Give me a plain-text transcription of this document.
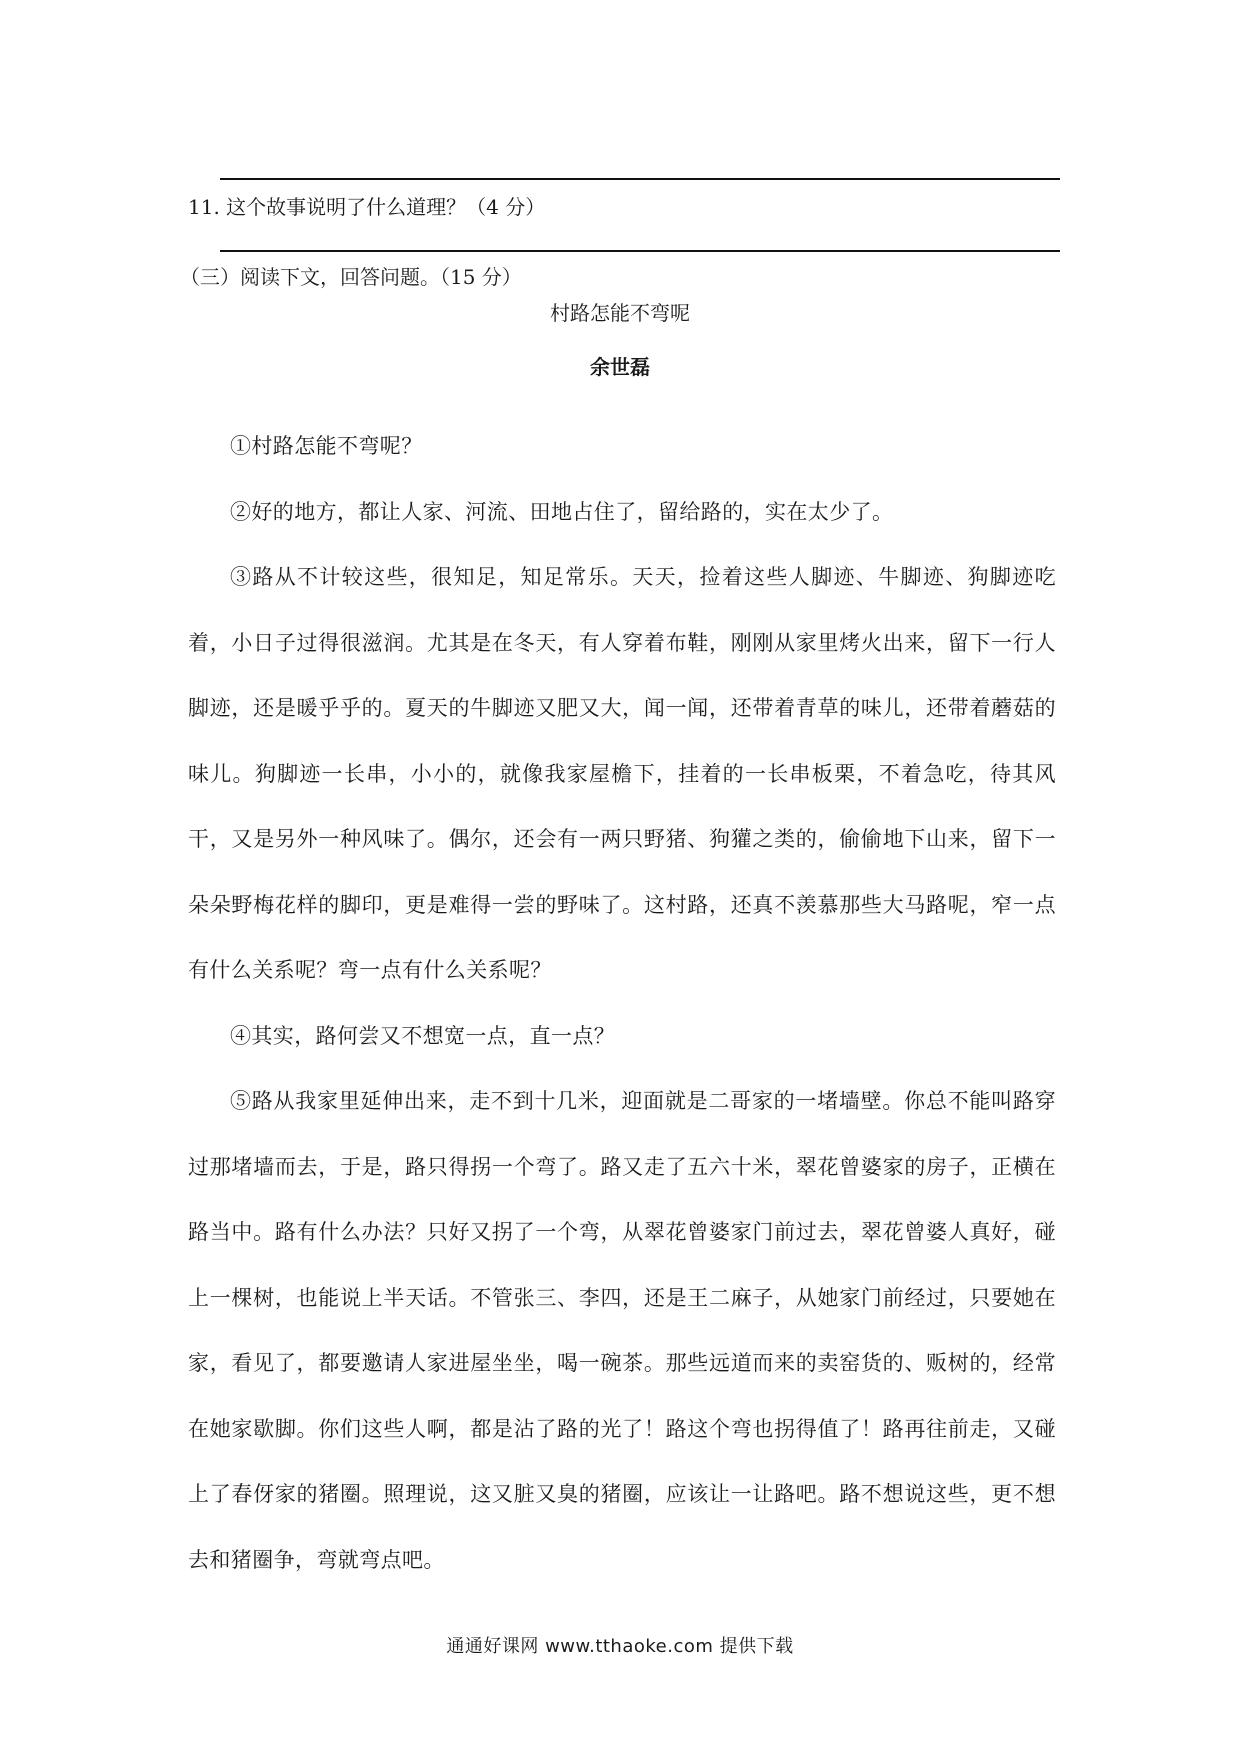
11. 这个故事说明了什么道理？（4 分）
（三）阅读下文，回答问题。（15 分）
村路怎能不弯呢
余世磊

①村路怎能不弯呢？

②好的地方，都让人家、河流、田地占住了，留给路的，实在太少了。

③路从不计较这些，很知足，知足常乐。天天，捡着这些人脚迹、牛脚迹、狗脚迹吃着，小日子过得很滋润。尤其是在冬天，有人穿着布鞋，刚刚从家里烤火出来，留下一行人脚迹，还是暖乎乎的。夏天的牛脚迹又肥又大，闻一闻，还带着青草的味儿，还带着蘑菇的味儿。狗脚迹一长串，小小的，就像我家屋檐下，挂着的一长串板栗，不着急吃，待其风干，又是另外一种风味了。偶尔，还会有一两只野猪、狗獾之类的，偷偷地下山来，留下一朵朵野梅花样的脚印，更是难得一尝的野味了。这村路，还真不羡慕那些大马路呢，窄一点有什么关系呢？弯一点有什么关系呢？

④其实，路何尝又不想宽一点，直一点？

⑤路从我家里延伸出来，走不到十几米，迎面就是二哥家的一堵墙壁。你总不能叫路穿过那堵墙而去，于是，路只得拐一个弯了。路又走了五六十米，翠花曾婆家的房子，正横在路当中。路有什么办法？只好又拐了一个弯，从翠花曾婆家门前过去，翠花曾婆人真好，碰上一棵树，也能说上半天话。不管张三、李四，还是王二麻子，从她家门前经过，只要她在家，看见了，都要邀请人家进屋坐坐，喝一碗茶。那些远道而来的卖窑货的、贩树的，经常在她家歇脚。你们这些人啊，都是沾了路的光了！路这个弯也拐得值了！路再往前走，又碰上了春伢家的猪圈。照理说，这又脏又臭的猪圈，应该让一让路吧。路不想说这些，更不想去和猪圈争，弯就弯点吧。

通通好课网 www.tthaoke.com 提供下载
